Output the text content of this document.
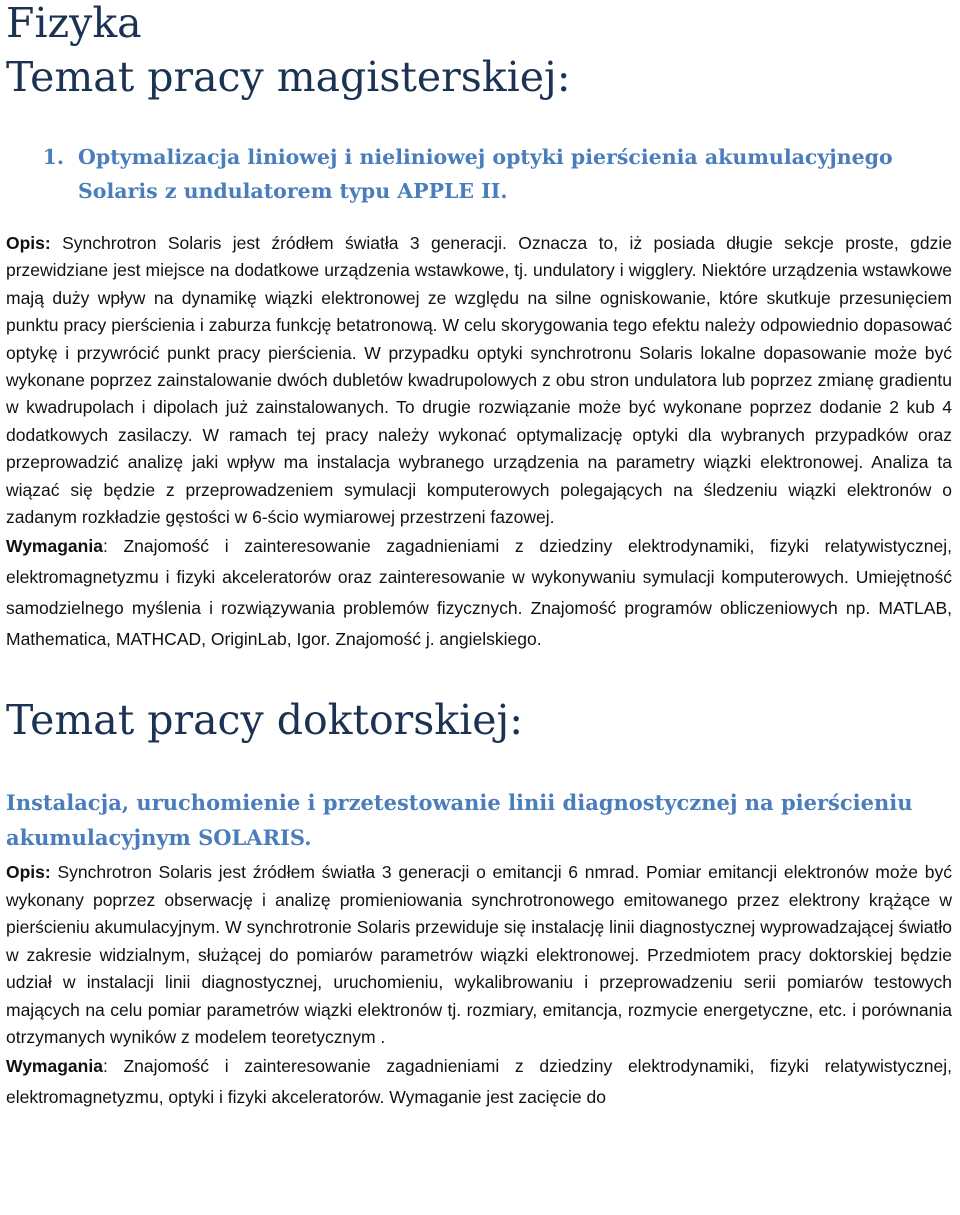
Fizyka
Temat pracy magisterskiej:
1. Optymalizacja liniowej i nieliniowej optyki pierścienia akumulacyjnego Solaris z undulatorem typu APPLE II.

Opis: Synchrotron Solaris jest źródłem światła 3 generacji. Oznacza to, iż posiada długie sekcje proste, gdzie przewidziane jest miejsce na dodatkowe urządzenia wstawkowe, tj. undulatory i wigglery. Niektóre urządzenia wstawkowe mają duży wpływ na dynamikę wiązki elektronowej ze względu na silne ogniskowanie, które skutkuje przesunięciem punktu pracy pierścienia i zaburza funkcję betatronową. W celu skorygowania tego efektu należy odpowiednio dopasować optykę i przywrócić punkt pracy pierścienia. W przypadku optyki synchrotronu Solaris lokalne dopasowanie może być wykonane poprzez zainstalowanie dwóch dubletów kwadrupolowych z obu stron undulatora lub poprzez zmianę gradientu w kwadrupolach i dipolach już zainstalowanych. To drugie rozwiązanie może być wykonane poprzez dodanie 2 kub 4 dodatkowych zasilaczy. W ramach tej pracy należy wykonać optymalizację optyki dla wybranych przypadków oraz przeprowadzić analizę jaki wpływ ma instalacja wybranego urządzenia na parametry wiązki elektronowej. Analiza ta wiązać się będzie z przeprowadzeniem symulacji komputerowych polegających na śledzeniu wiązki elektronów o zadanym rozkładzie gęstości w 6-ścio wymiarowej przestrzeni fazowej.

Wymagania: Znajomość i zainteresowanie zagadnieniami z dziedziny elektrodynamiki, fizyki relatywistycznej, elektromagnetyzmu i fizyki akceleratorów oraz zainteresowanie w wykonywaniu symulacji komputerowych. Umiejętność samodzielnego myślenia i rozwiązywania problemów fizycznych. Znajomość programów obliczeniowych np. MATLAB, Mathematica, MATHCAD, OriginLab, Igor. Znajomość j. angielskiego.

Temat pracy doktorskiej:
Instalacja, uruchomienie i przetestowanie linii diagnostycznej na pierścieniu akumulacyjnym SOLARIS.

Opis: Synchrotron Solaris jest źródłem światła 3 generacji o emitancji 6 nmrad. Pomiar emitancji elektronów może być wykonany poprzez obserwację i analizę promieniowania synchrotronowego emitowanego przez elektrony krążące w pierścieniu akumulacyjnym. W synchrotronie Solaris przewiduje się instalację linii diagnostycznej wyprowadzającej światło w zakresie widzialnym, służącej do pomiarów parametrów wiązki elektronowej. Przedmiotem pracy doktorskiej będzie udział w instalacji linii diagnostycznej, uruchomieniu, wykalibrowaniu i przeprowadzeniu serii pomiarów testowych mających na celu pomiar parametrów wiązki elektronów tj. rozmiary, emitancja, rozmycie energetyczne, etc. i porównania otrzymanych wyników z modelem teoretycznym .

Wymagania: Znajomość i zainteresowanie zagadnieniami z dziedziny elektrodynamiki, fizyki relatywistycznej, elektromagnetyzmu, optyki i fizyki akceleratorów. Wymaganie jest zacięcie do
